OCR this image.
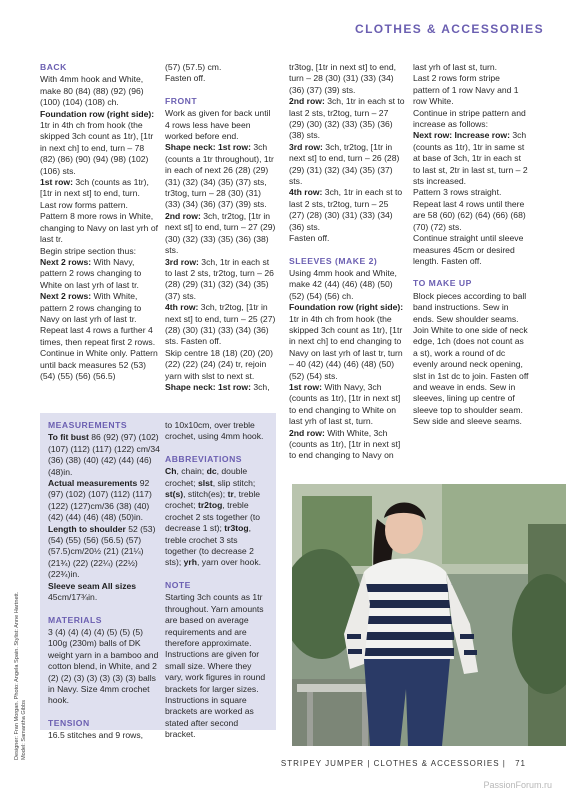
CLOTHES & ACCESSORIES

BACK

With 4mm hook and White, make 80 (84) (88) (92) (96) (100) (104) (108) ch.

Foundation row (right side): 1tr in 4th ch from hook (the skipped 3ch count as 1tr), [1tr in next ch] to end, turn – 78 (82) (86) (90) (94) (98) (102) (106) sts.

1st row: 3ch (counts as 1tr), [1tr in next st] to end, turn.

Last row forms pattern.

Pattern 8 more rows in White, changing to Navy on last yrh of last tr.

Begin stripe section thus:

Next 2 rows: With Navy, pattern 2 rows changing to White on last yrh of last tr.

Next 2 rows: With White, pattern 2 rows changing to Navy on last yrh of last tr.

Repeat last 4 rows a further 4 times, then repeat first 2 rows.

Continue in White only. Pattern until back measures 52 (53) (54) (55) (56) (56.5)

(57) (57.5) cm.

Fasten off.

FRONT

Work as given for back until 4 rows less have been worked before end.

Shape neck: 1st row: 3ch (counts a 1tr throughout), 1tr in each of next 26 (28) (29) (31) (32) (34) (35) (37) sts, tr3tog, turn – 28 (30) (31) (33) (34) (36) (37) (39) sts.

2nd row: 3ch, tr2tog, [1tr in next st] to end, turn – 27 (29) (30) (32) (33) (35) (36) (38) sts.

3rd row: 3ch, 1tr in each st to last 2 sts, tr2tog, turn – 26 (28) (29) (31) (32) (34) (35) (37) sts.

4th row: 3ch, tr2tog, [1tr in next st] to end, turn – 25 (27) (28) (30) (31) (33) (34) (36) sts. Fasten off.

Skip centre 18 (18) (20) (20) (22) (22) (24) (24) tr, rejoin yarn with slst to next st.

Shape neck: 1st row: 3ch,

tr3tog, [1tr in next st] to end, turn – 28 (30) (31) (33) (34) (36) (37) (39) sts.

2nd row: 3ch, 1tr in each st to last 2 sts, tr2tog, turn – 27 (29) (30) (32) (33) (35) (36) (38) sts.

3rd row: 3ch, tr2tog, [1tr in next st] to end, turn – 26 (28) (29) (31) (32) (34) (35) (37) sts.

4th row: 3ch, 1tr in each st to last 2 sts, tr2tog, turn – 25 (27) (28) (30) (31) (33) (34) (36) sts.

Fasten off.

SLEEVES (MAKE 2)

Using 4mm hook and White, make 42 (44) (46) (48) (50) (52) (54) (56) ch.

Foundation row (right side): 1tr in 4th ch from hook (the skipped 3ch count as 1tr), [1tr in next ch] to end changing to Navy on last yrh of last tr, turn – 40 (42) (44) (46) (48) (50) (52) (54) sts.

1st row: With Navy, 3ch (counts as 1tr), [1tr in next st] to end changing to White on last yrh of last st, turn.

2nd row: With White, 3ch (counts as 1tr), [1tr in next st] to end changing to Navy on

last yrh of last st, turn.

Last 2 rows form stripe pattern of 1 row Navy and 1 row White.

Continue in stripe pattern and increase as follows:

Next row: Increase row: 3ch (counts as 1tr), 1tr in same st at base of 3ch, 1tr in each st to last st, 2tr in last st, turn – 2 sts increased.

Pattern 3 rows straight.

Repeat last 4 rows until there are 58 (60) (62) (64) (66) (68) (70) (72) sts.

Continue straight until sleeve measures 45cm or desired length. Fasten off.

TO MAKE UP

Block pieces according to ball band instructions. Sew in ends. Sew shoulder seams. Join White to one side of neck edge, 1ch (does not count as a st), work a round of dc evenly around neck opening, slst in 1st dc to join. Fasten off and weave in ends. Sew in sleeves, lining up centre of sleeve top to shoulder seam. Sew side and sleeve seams.

MEASUREMENTS

To fit bust 86 (92) (97) (102) (107) (112) (117) (122) cm/34 (36) (38) (40) (42) (44) (46) (48)in.

Actual measurements 92 (97) (102) (107) (112) (117) (122) (127)cm/36 (38) (40) (42) (44) (46) (48) (50)in.

Length to shoulder 52 (53) (54) (55) (56) (56.5) (57) (57.5)cm/20½ (21) (21¼) (21¾) (22) (22¼) (22½) (22¾)in.

Sleeve seam All sizes

45cm/17¾in.

MATERIALS

3 (4) (4) (4) (4) (5) (5) (5) 100g (230m) balls of DK weight yarn in a bamboo and cotton blend, in White, and 2 (2) (2) (3) (3) (3) (3) (3) balls in Navy. Size 4mm crochet hook.

TENSION

16.5 stitches and 9 rows,

to 10x10cm, over treble crochet, using 4mm hook.

ABBREVIATIONS

Ch, chain; dc, double crochet; slst, slip stitch; st(s), stitch(es); tr, treble crochet; tr2tog, treble crochet 2 sts together (to decrease 1 st); tr3tog, treble crochet 3 sts together (to decrease 2 sts); yrh, yarn over hook.

NOTE

Starting 3ch counts as 1tr throughout. Yarn amounts are based on average requirements and are therefore approximate. Instructions are given for small size. Where they vary, work figures in round brackets for larger sizes. Instructions in square brackets are worked as stated after second bracket.

Designer: Fran Morgan. Photo: Angela Spain. Stylist: Anne Hartnett. Model: Samantha Gibbs
STRIPEY JUMPER | CLOTHES & ACCESSORIES | 71
PassionForum.ru
